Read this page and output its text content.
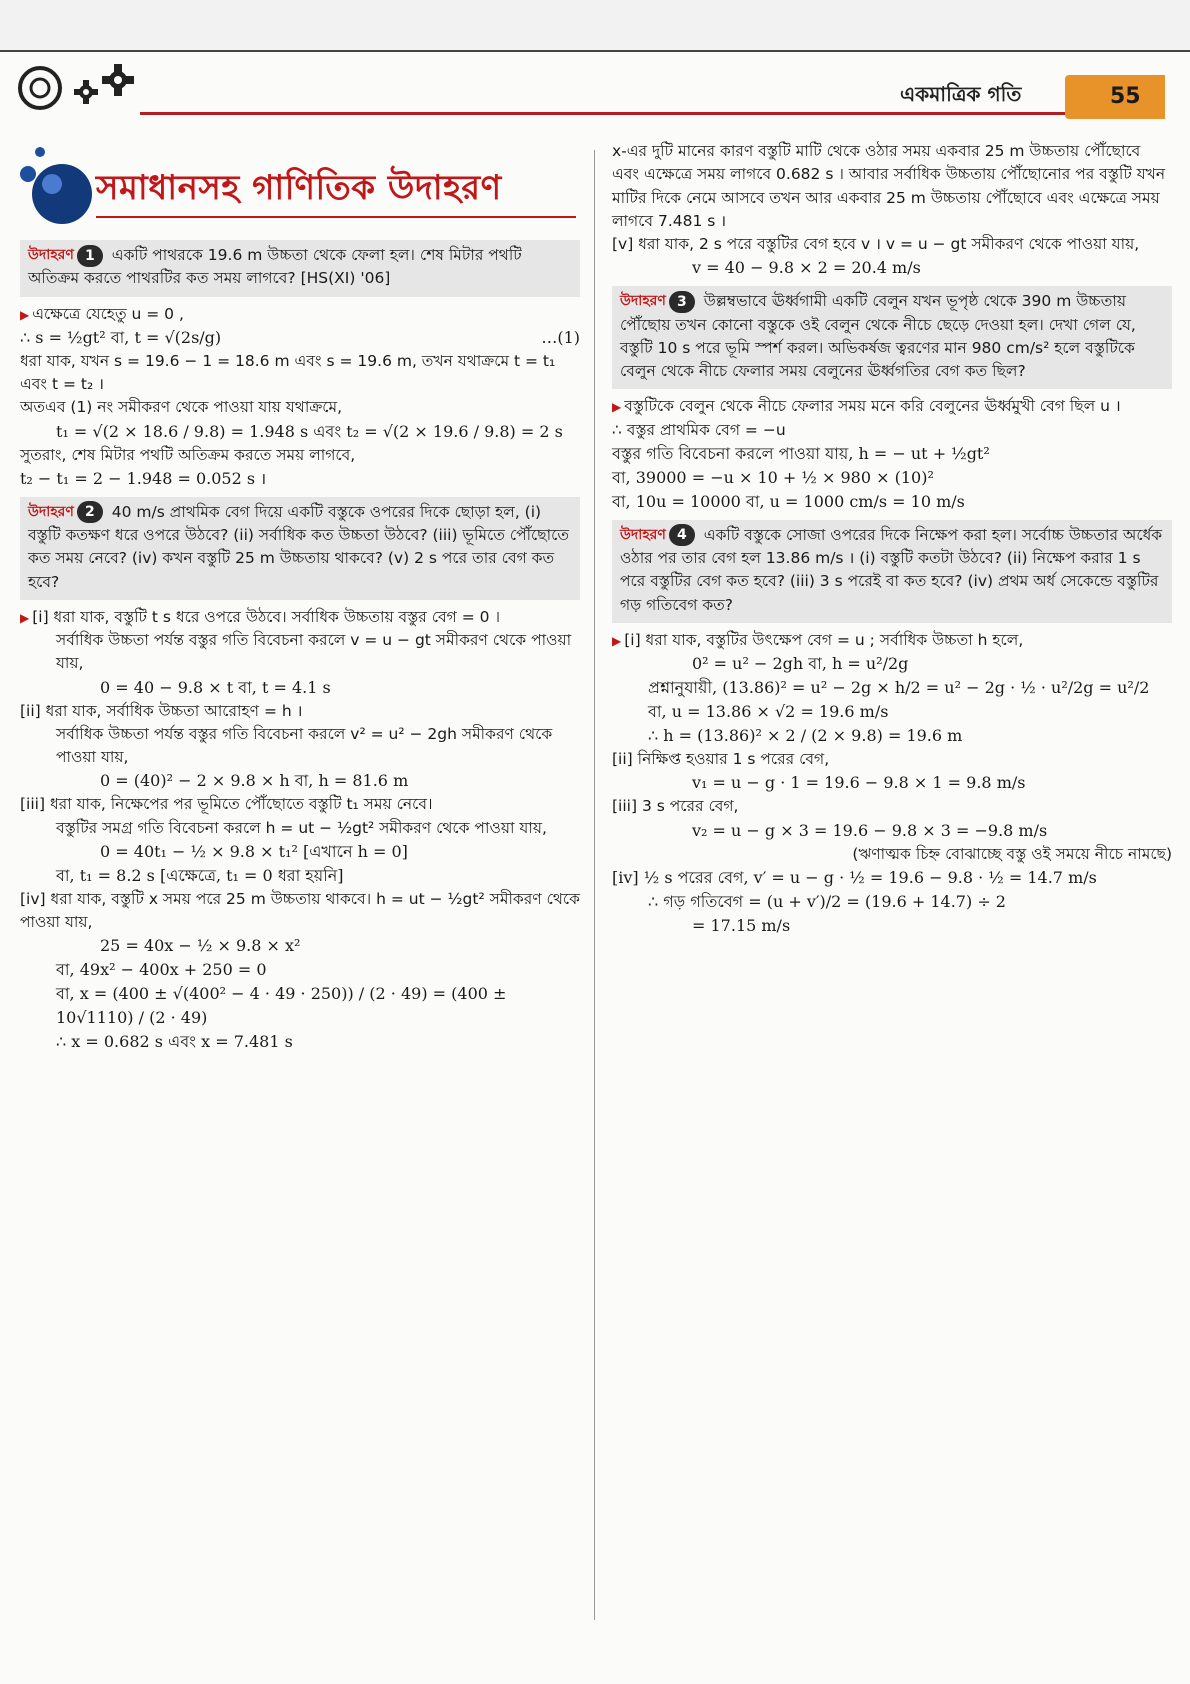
একমাত্রিক গতি	55
সমাধানসহ গাণিতিক উদাহরণ
উদাহরণ 1	একটি পাথরকে 19.6 m উচ্চতা থেকে ফেলা হল। শেষ মিটার পথটি অতিক্রম করতে পাথরটির কত সময় লাগবে? [HS(XI) '06]

▶ এক্ষেত্রে যেহেতু u = 0 ,

∴ s = ½gt² বা, t = √(2s/g)	…(1)

ধরা যাক, যখন s = 19.6 − 1 = 18.6 m এবং s = 19.6 m, তখন যথাক্রমে t = t₁ এবং t = t₂ ।

অতএব (1) নং সমীকরণ থেকে পাওয়া যায় যথাক্রমে,

t₁ = √(2 × 18.6 / 9.8) = 1.948 s এবং t₂ = √(2 × 19.6 / 9.8) = 2 s

সুতরাং, শেষ মিটার পথটি অতিক্রম করতে সময় লাগবে,

t₂ − t₁ = 2 − 1.948 = 0.052 s ।

উদাহরণ 2	40 m/s প্রাথমিক বেগ দিয়ে একটি বস্তুকে ওপরের দিকে ছোড়া হল, (i) বস্তুটি কতক্ষণ ধরে ওপরে উঠবে? (ii) সর্বাধিক কত উচ্চতা উঠবে? (iii) ভূমিতে পৌঁছোতে কত সময় নেবে? (iv) কখন বস্তুটি 25 m উচ্চতায় থাকবে? (v) 2 s পরে তার বেগ কত হবে?

▶ [i] ধরা যাক, বস্তুটি t s ধরে ওপরে উঠবে। সর্বাধিক উচ্চতায় বস্তুর বেগ = 0 ।

সর্বাধিক উচ্চতা পর্যন্ত বস্তুর গতি বিবেচনা করলে v = u − gt সমীকরণ থেকে পাওয়া যায়,

0 = 40 − 9.8 × t বা, t = 4.1 s

[ii] ধরা যাক, সর্বাধিক উচ্চতা আরোহণ = h ।

সর্বাধিক উচ্চতা পর্যন্ত বস্তুর গতি বিবেচনা করলে v² = u² − 2gh সমীকরণ থেকে পাওয়া যায়,

0 = (40)² − 2 × 9.8 × h বা, h = 81.6 m

[iii] ধরা যাক, নিক্ষেপের পর ভূমিতে পৌঁছোতে বস্তুটি t₁ সময় নেবে।

বস্তুটির সমগ্র গতি বিবেচনা করলে h = ut − ½gt² সমীকরণ থেকে পাওয়া যায়,

0 = 40t₁ − ½ × 9.8 × t₁² [এখানে h = 0]

বা, t₁ = 8.2 s [এক্ষেত্রে, t₁ = 0 ধরা হয়নি]

[iv] ধরা যাক, বস্তুটি x সময় পরে 25 m উচ্চতায় থাকবে। h = ut − ½gt² সমীকরণ থেকে পাওয়া যায়,

25 = 40x − ½ × 9.8 × x²

বা, 49x² − 400x + 250 = 0

বা, x = (400 ± √(400² − 4 · 49 · 250)) / (2 · 49) = (400 ± 10√1110) / (2 · 49)

∴ x = 0.682 s এবং x = 7.481 s

x-এর দুটি মানের কারণ বস্তুটি মাটি থেকে ওঠার সময় একবার 25 m উচ্চতায় পৌঁছোবে এবং এক্ষেত্রে সময় লাগবে 0.682 s । আবার সর্বাধিক উচ্চতায় পৌঁছোনোর পর বস্তুটি যখন মাটির দিকে নেমে আসবে তখন আর একবার 25 m উচ্চতায় পৌঁছোবে এবং এক্ষেত্রে সময় লাগবে 7.481 s ।

[v] ধরা যাক, 2 s পরে বস্তুটির বেগ হবে v । v = u − gt সমীকরণ থেকে পাওয়া যায়,

v = 40 − 9.8 × 2 = 20.4 m/s

উদাহরণ 3	উল্লম্বভাবে ঊর্ধ্বগামী একটি বেলুন যখন ভূপৃষ্ঠ থেকে 390 m উচ্চতায় পৌঁছোয় তখন কোনো বস্তুকে ওই বেলুন থেকে নীচে ছেড়ে দেওয়া হল। দেখা গেল যে, বস্তুটি 10 s পরে ভূমি স্পর্শ করল। অভিকর্ষজ ত্বরণের মান 980 cm/s² হলে বস্তুটিকে বেলুন থেকে নীচে ফেলার সময় বেলুনের ঊর্ধ্বগতির বেগ কত ছিল?

▶ বস্তুটিকে বেলুন থেকে নীচে ফেলার সময় মনে করি বেলুনের ঊর্ধ্বমুখী বেগ ছিল u ।

∴ বস্তুর প্রাথমিক বেগ = −u

বস্তুর গতি বিবেচনা করলে পাওয়া যায়, h = − ut + ½gt²

বা, 39000 = −u × 10 + ½ × 980 × (10)²

বা, 10u = 10000 বা, u = 1000 cm/s = 10 m/s

উদাহরণ 4	একটি বস্তুকে সোজা ওপরের দিকে নিক্ষেপ করা হল। সর্বোচ্চ উচ্চতার অর্ধেক ওঠার পর তার বেগ হল 13.86 m/s । (i) বস্তুটি কতটা উঠবে? (ii) নিক্ষেপ করার 1 s পরে বস্তুটির বেগ কত হবে? (iii) 3 s পরেই বা কত হবে? (iv) প্রথম অর্ধ সেকেন্ডে বস্তুটির গড় গতিবেগ কত?

▶ [i] ধরা যাক, বস্তুটির উৎক্ষেপ বেগ = u ; সর্বাধিক উচ্চতা h হলে,

0² = u² − 2gh বা, h = u²/2g

প্রশ্নানুযায়ী, (13.86)² = u² − 2g × h/2 = u² − 2g · ½ · u²/2g = u²/2

বা, u = 13.86 × √2 = 19.6 m/s

∴ h = (13.86)² × 2 / (2 × 9.8) = 19.6 m

[ii] নিক্ষিপ্ত হওয়ার 1 s পরের বেগ,

v₁ = u − g · 1 = 19.6 − 9.8 × 1 = 9.8 m/s

[iii] 3 s পরের বেগ,

v₂ = u − g × 3 = 19.6 − 9.8 × 3 = −9.8 m/s

(ঋণাত্মক চিহ্ন বোঝাচ্ছে বস্তু ওই সময়ে নীচে নামছে)

[iv] ½ s পরের বেগ, v′ = u − g · ½ = 19.6 − 9.8 · ½ = 14.7 m/s

∴ গড় গতিবেগ = (u + v′)/2 = (19.6 + 14.7) ÷ 2

= 17.15 m/s
